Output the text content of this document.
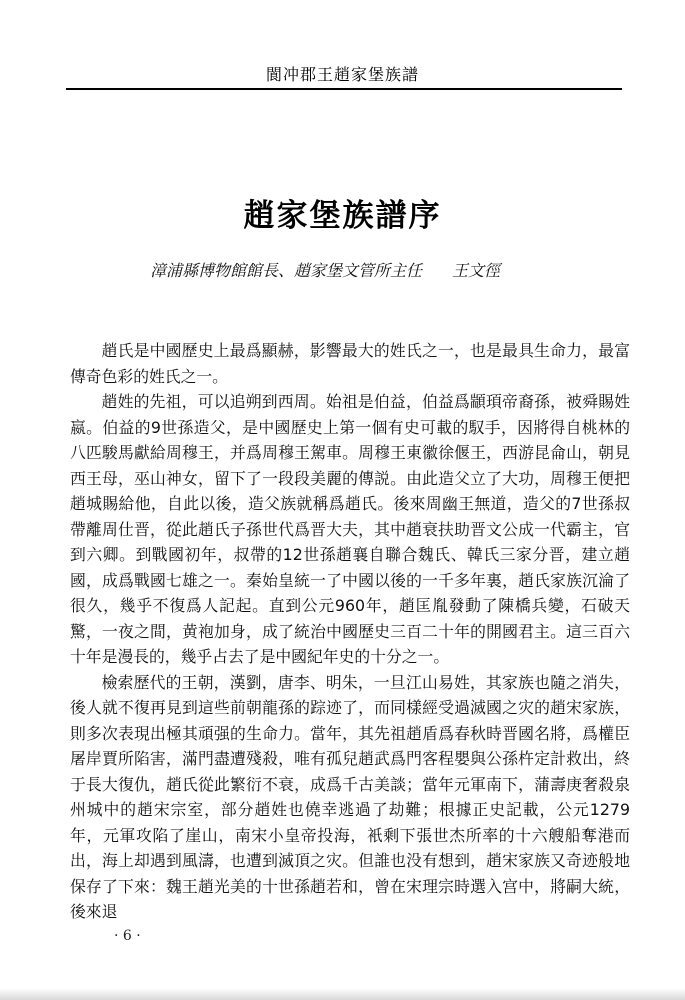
閬冲郡王趙家堡族譜
趙家堡族譜序
漳浦縣博物館館長、趙家堡文管所主任 王文徑

趙氏是中國歷史上最爲顯赫，影響最大的姓氏之一，也是最具生命力，最富傳奇色彩的姓氏之一。

趙姓的先祖，可以追朔到西周。始祖是伯益，伯益爲顓頊帝裔孫，被舜賜姓嬴。伯益的9世孫造父，是中國歷史上第一個有史可載的馭手，因將得自桃林的八匹駿馬獻給周穆王，并爲周穆王駕車。周穆王東徽徐偃王，西游昆侖山，朝見西王母，巫山神女，留下了一段段美麗的傳説。由此造父立了大功，周穆王便把趙城賜給他，自此以後，造父族就稱爲趙氏。後來周幽王無道，造父的7世孫叔帶離周仕晋，從此趙氏子孫世代爲晋大夫，其中趙衰扶助晋文公成一代霸主，官到六卿。到戰國初年，叔帶的12世孫趙襄自聯合魏氏、韓氏三家分晋，建立趙國，成爲戰國七雄之一。秦始皇統一了中國以後的一千多年裏，趙氏家族沉淪了很久，幾乎不復爲人記起。直到公元960年，趙匡胤發動了陳橋兵變，石破天驚，一夜之間，黄袍加身，成了統治中國歷史三百二十年的開國君主。這三百六十年是漫長的，幾乎占去了是中國紀年史的十分之一。

檢索歷代的王朝，漢劉，唐李、明朱，一旦江山易姓，其家族也隨之消失，後人就不復再見到這些前朝龍孫的踪迹了，而同樣經受過滅國之灾的趙宋家族，則多次表現出極其頑强的生命力。當年，其先祖趙盾爲春秋時晋國名將，爲權臣屠岸賈所陷害，滿門盡遭殘殺，唯有孤兒趙武爲門客程嬰與公孫杵定計救出，終于長大復仇，趙氏從此繁衍不衰，成爲千古美談；當年元軍南下，蒲壽庚奢殺泉州城中的趙宋宗室，部分趙姓也僥幸逃過了劫難；根據正史記載，公元1279年，元軍攻陷了崖山，南宋小皇帝投海，衹剩下張世杰所率的十六艘船奪港而出，海上却遇到風濤，也遭到滅頂之灾。但誰也没有想到，趙宋家族又奇迹般地保存了下來：魏王趙光美的十世孫趙若和，曾在宋理宗時選入宫中，將嗣大統，後來退

· 6 ·
